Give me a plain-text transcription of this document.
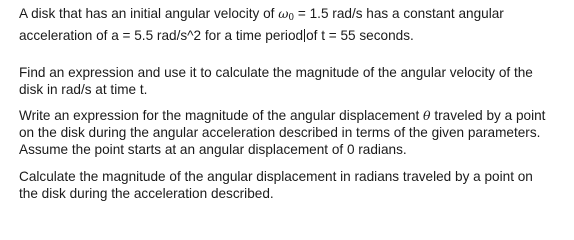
A disk that has an initial angular velocity of $\omega_0 = 1.5$ rad/s has a constant angular
acceleration of a = 5.5 rad/s^2 for a time period of t = 55 seconds.

Find an expression and use it to calculate the magnitude of the angular velocity of the
disk in rad/s at time t.

Write an expression for the magnitude of the angular displacement θ traveled by a point
on the disk during the angular acceleration described in terms of the given parameters.
Assume the point starts at an angular displacement of 0 radians.

Calculate the magnitude of the angular displacement in radians traveled by a point on
the disk during the acceleration described.
